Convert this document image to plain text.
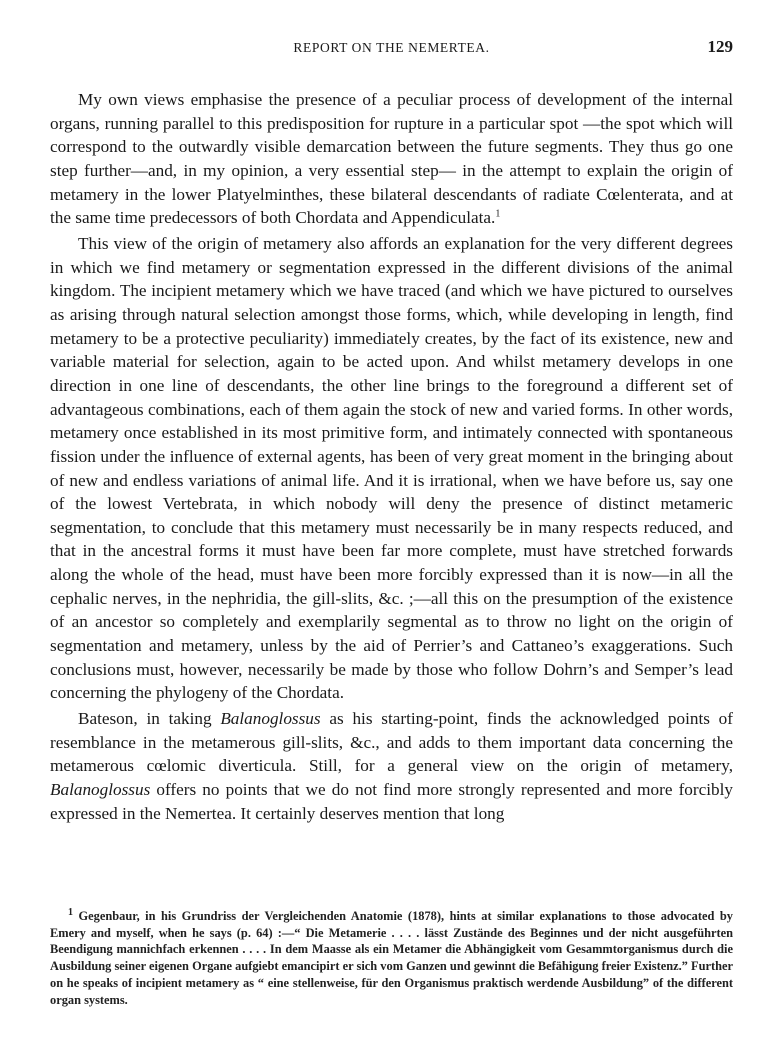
REPORT ON THE NEMERTEA.	129

My own views emphasise the presence of a peculiar process of development of the internal organs, running parallel to this predisposition for rupture in a particular spot —the spot which will correspond to the outwardly visible demarcation between the future segments. They thus go one step further—and, in my opinion, a very essential step— in the attempt to explain the origin of metamery in the lower Platyelminthes, these bilateral descendants of radiate Cœlenterata, and at the same time predecessors of both Chordata and Appendiculata.$^1$

This view of the origin of metamery also affords an explanation for the very different degrees in which we find metamery or segmentation expressed in the different divisions of the animal kingdom. The incipient metamery which we have traced (and which we have pictured to ourselves as arising through natural selection amongst those forms, which, while developing in length, find metamery to be a protective peculiarity) immediately creates, by the fact of its existence, new and variable material for selection, again to be acted upon. And whilst metamery develops in one direction in one line of descendants, the other line brings to the foreground a different set of advantageous combinations, each of them again the stock of new and varied forms. In other words, metamery once established in its most primitive form, and intimately connected with spontaneous fission under the influence of external agents, has been of very great moment in the bringing about of new and endless variations of animal life. And it is irrational, when we have before us, say one of the lowest Vertebrata, in which nobody will deny the presence of distinct metameric segmentation, to conclude that this metamery must necessarily be in many respects reduced, and that in the ancestral forms it must have been far more complete, must have stretched forwards along the whole of the head, must have been more forcibly expressed than it is now—in all the cephalic nerves, in the nephridia, the gill-slits, &c. ;—all this on the presumption of the existence of an ancestor so completely and exemplarily segmental as to throw no light on the origin of segmentation and metamery, unless by the aid of Perrier’s and Cattaneo’s exaggerations. Such conclusions must, however, necessarily be made by those who follow Dohrn’s and Semper’s lead concerning the phylogeny of the Chordata.

Bateson, in taking Balanoglossus as his starting-point, finds the acknowledged points of resemblance in the metamerous gill-slits, &c., and adds to them important data concerning the metamerous cœlomic diverticula. Still, for a general view on the origin of metamery, Balanoglossus offers no points that we do not find more strongly represented and more forcibly expressed in the Nemertea. It certainly deserves mention that long

$^1$ Gegenbaur, in his Grundriss der Vergleichenden Anatomie (1878), hints at similar explanations to those advocated by Emery and myself, when he says (p. 64) :—“ Die Metamerie . . . . lässt Zustände des Beginnes und der nicht ausgeführten Beendigung mannichfach erkennen . . . . In dem Maasse als ein Metamer die Abhängigkeit vom Gesammtorganismus durch die Ausbildung seiner eigenen Organe aufgiebt emancipirt er sich vom Ganzen und gewinnt die Befähigung freier Existenz.” Further on he speaks of incipient metamery as “ eine stellenweise, für den Organismus praktisch werdende Ausbildung” of the different organ systems.
